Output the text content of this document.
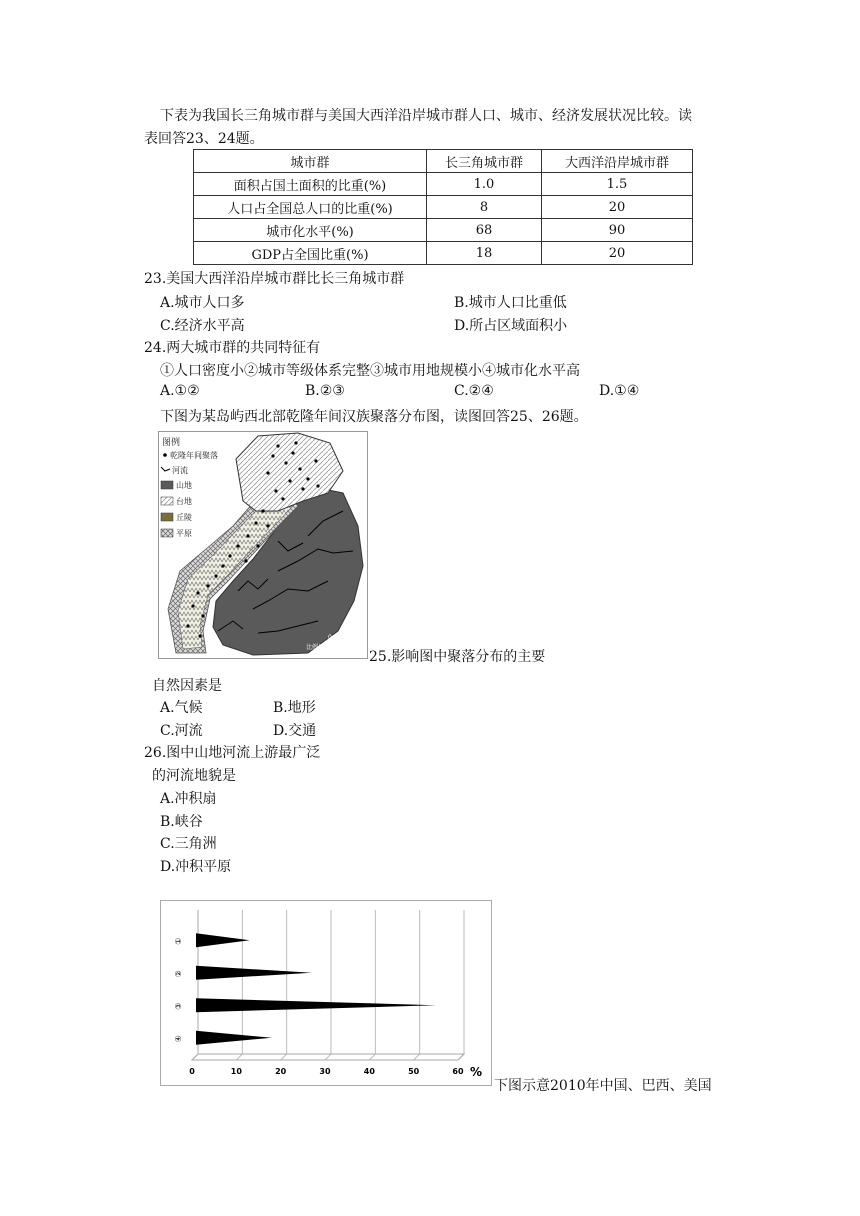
下表为我国长三角城市群与美国大西洋沿岸城市群人口、城市、经济发展状况比较。读
表回答23、24题。
城市群	长三角城市群	大西洋沿岸城市群
面积占国土面积的比重(%)	1.0	1.5
人口占全国总人口的比重(%)	8	20
城市化水平(%)	68	90
GDP占全国比重(%)	18	20
23.美国大西洋沿岸城市群比长三角城市群
A.城市人口多	B.城市人口比重低
C.经济水平高	D.所占区域面积小
24.两大城市群的共同特征有
①人口密度小②城市等级体系完整③城市用地规模小④城市化水平高
A.①②	B.②③	C.②④	D.①④
下图为某岛屿西北部乾隆年间汉族聚落分布图，读图回答25、26题。
图例
乾隆年间聚落
河流
山地
台地
丘陵
平原
比例尺
0 10km
25.影响图中聚落分布的主要
自然因素是
A.气候	B.地形
C.河流	D.交通
26.图中山地河流上游最广泛
的河流地貌是
A.冲积扇
B.峡谷
C.三角洲
D.冲积平原
①
②
③
④
0	10	20	30	40	50	60 %
下图示意2010年中国、巴西、美国
